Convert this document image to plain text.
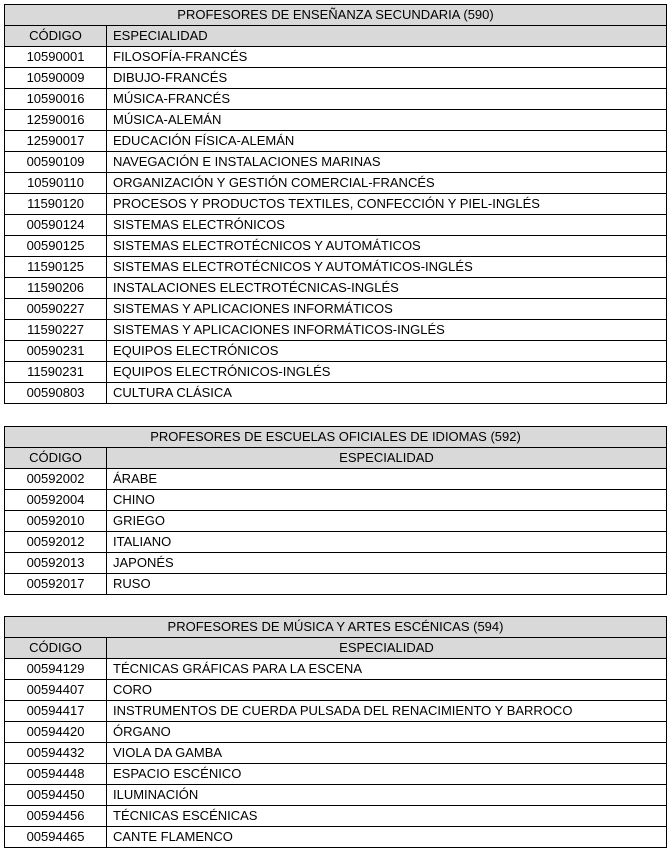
PROFESORES DE ENSEÑANZA SECUNDARIA (590)	
CÓDIGO	ESPECIALIDAD
10590001	FILOSOFÍA-FRANCÉS
10590009	DIBUJO-FRANCÉS
10590016	MÚSICA-FRANCÉS
12590016	MÚSICA-ALEMÁN
12590017	EDUCACIÓN FÍSICA-ALEMÁN
00590109	NAVEGACIÓN E INSTALACIONES MARINAS
10590110	ORGANIZACIÓN Y GESTIÓN COMERCIAL-FRANCÉS
11590120	PROCESOS Y PRODUCTOS TEXTILES, CONFECCIÓN Y PIEL-INGLÉS
00590124	SISTEMAS ELECTRÓNICOS
00590125	SISTEMAS ELECTROTÉCNICOS Y AUTOMÁTICOS
11590125	SISTEMAS ELECTROTÉCNICOS Y AUTOMÁTICOS-INGLÉS
11590206	INSTALACIONES ELECTROTÉCNICAS-INGLÉS
00590227	SISTEMAS Y APLICACIONES INFORMÁTICOS
11590227	SISTEMAS Y APLICACIONES INFORMÁTICOS-INGLÉS
00590231	EQUIPOS ELECTRÓNICOS
11590231	EQUIPOS ELECTRÓNICOS-INGLÉS
00590803	CULTURA CLÁSICA
PROFESORES DE ESCUELAS OFICIALES DE IDIOMAS (592)	
CÓDIGO	ESPECIALIDAD
00592002	ÁRABE
00592004	CHINO
00592010	GRIEGO
00592012	ITALIANO
00592013	JAPONÉS
00592017	RUSO
PROFESORES DE MÚSICA Y ARTES ESCÉNICAS (594)	
CÓDIGO	ESPECIALIDAD
00594129	TÉCNICAS GRÁFICAS PARA LA ESCENA
00594407	CORO
00594417	INSTRUMENTOS DE CUERDA PULSADA DEL RENACIMIENTO Y BARROCO
00594420	ÓRGANO
00594432	VIOLA DA GAMBA
00594448	ESPACIO ESCÉNICO
00594450	ILUMINACIÓN
00594456	TÉCNICAS ESCÉNICAS
00594465	CANTE FLAMENCO
